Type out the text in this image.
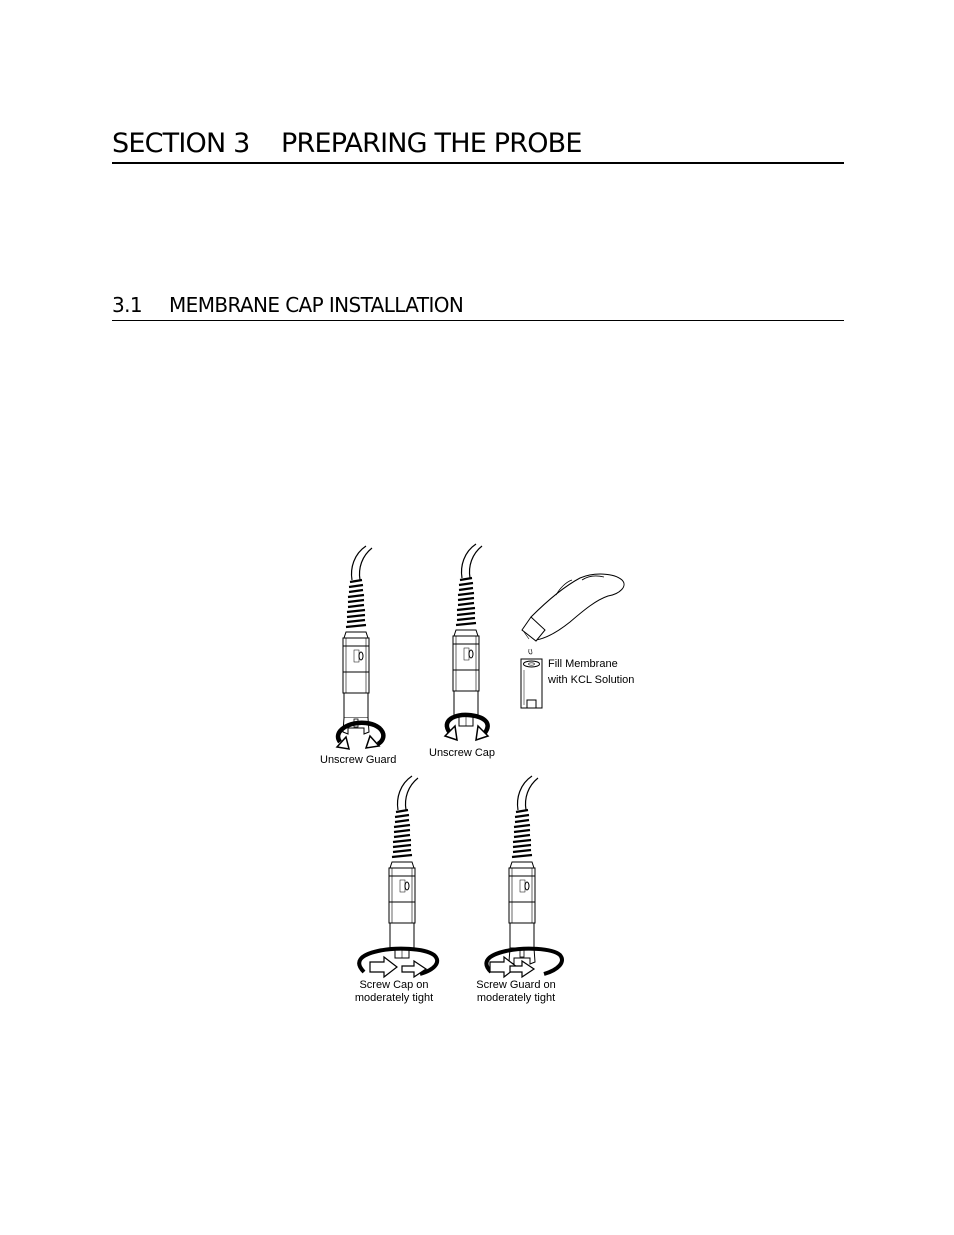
SECTION 3 PREPARING THE PROBE
3.1 MEMBRANE CAP INSTALLATION
Unscrew Guard
Unscrew Cap
Fill Membrane
with KCL Solution
Screw Cap on
moderately tight
Screw Guard on
moderately tight
